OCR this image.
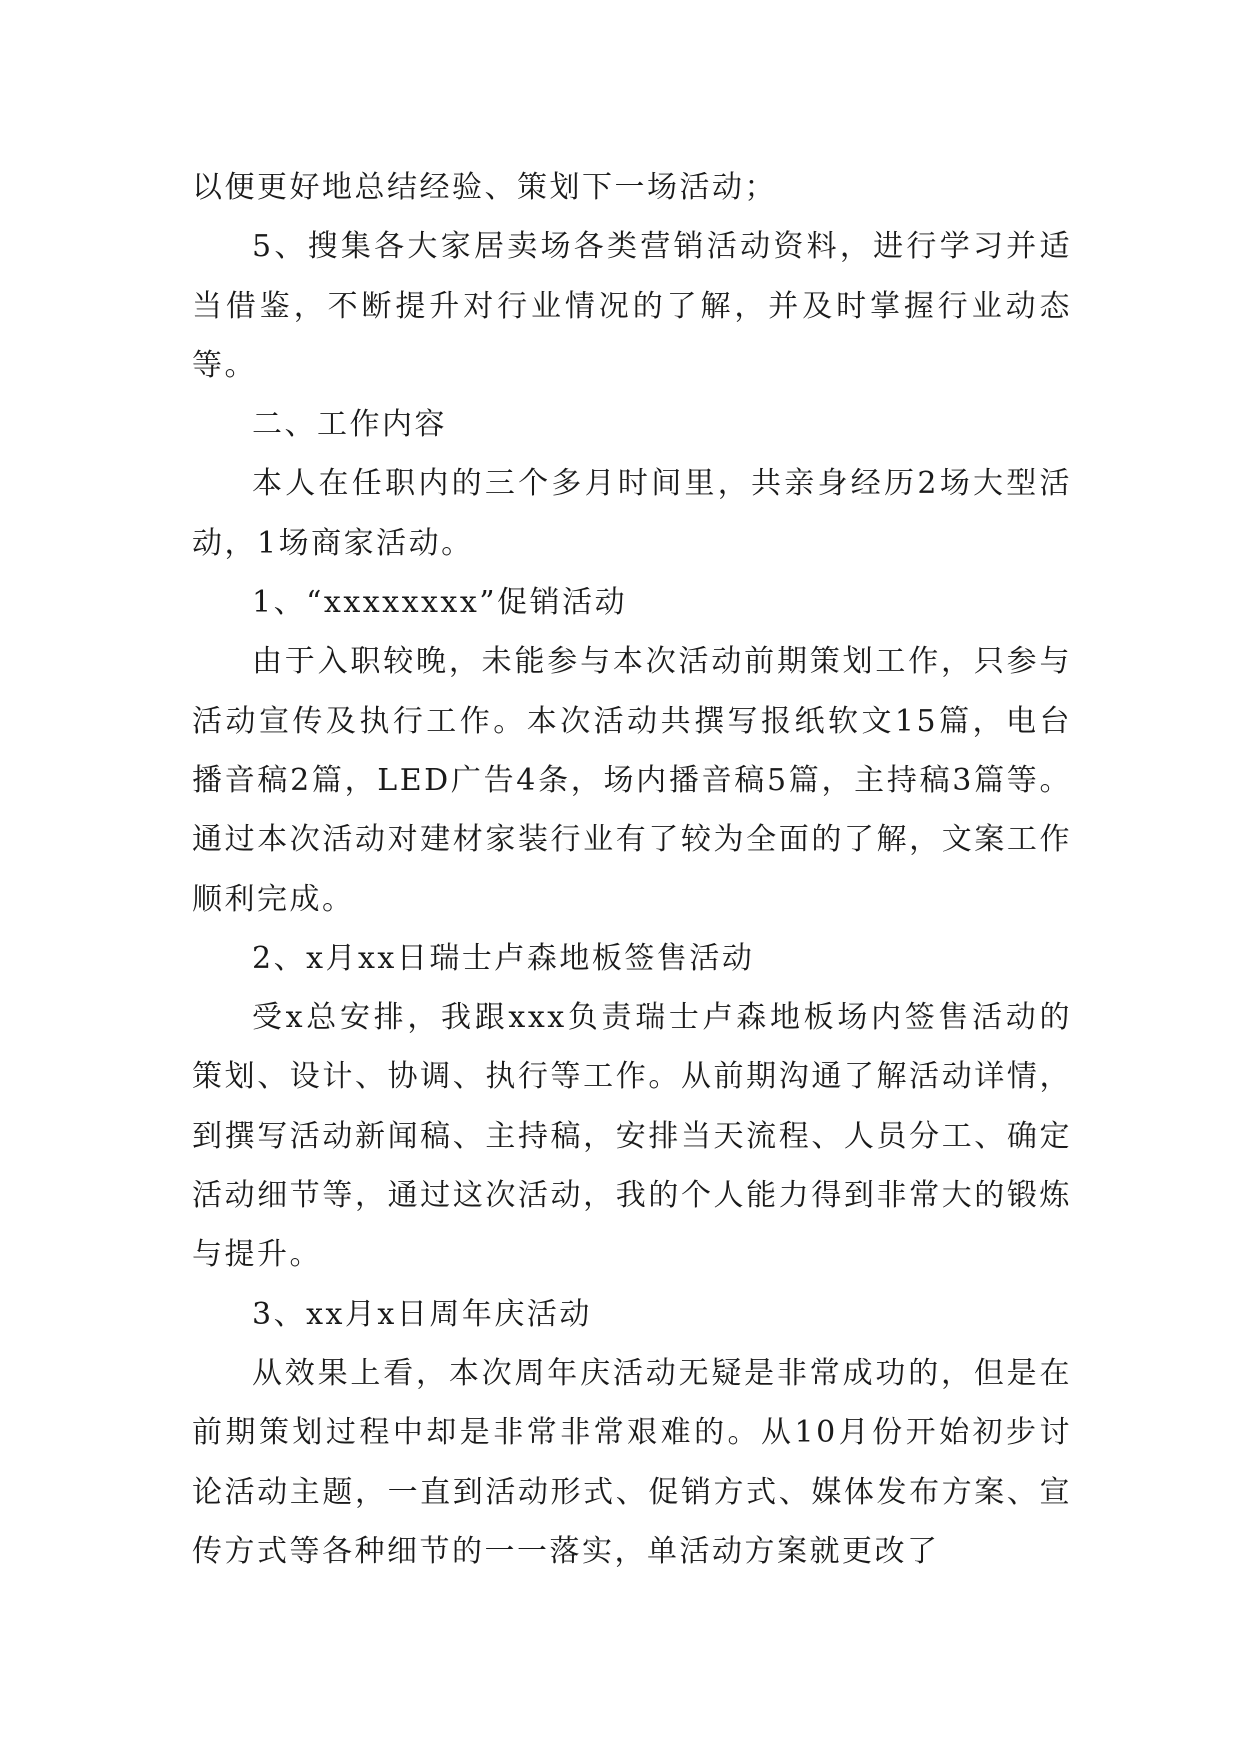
以便更好地总结经验、策划下一场活动；

5、搜集各大家居卖场各类营销活动资料，进行学习并适当借鉴，不断提升对行业情况的了解，并及时掌握行业动态等。

二、工作内容

本人在任职内的三个多月时间里，共亲身经历2场大型活动，1场商家活动。

1、“xxxxxxxx”促销活动

由于入职较晚，未能参与本次活动前期策划工作，只参与活动宣传及执行工作。本次活动共撰写报纸软文15篇，电台播音稿2篇，LED广告4条，场内播音稿5篇，主持稿3篇等。通过本次活动对建材家装行业有了较为全面的了解，文案工作顺利完成。

2、x月xx日瑞士卢森地板签售活动

受x总安排，我跟xxx负责瑞士卢森地板场内签售活动的策划、设计、协调、执行等工作。从前期沟通了解活动详情，到撰写活动新闻稿、主持稿，安排当天流程、人员分工、确定活动细节等，通过这次活动，我的个人能力得到非常大的锻炼与提升。

3、xx月x日周年庆活动

从效果上看，本次周年庆活动无疑是非常成功的，但是在前期策划过程中却是非常非常艰难的。从10月份开始初步讨论活动主题，一直到活动形式、促销方式、媒体发布方案、宣传方式等各种细节的一一落实，单活动方案就更改了
